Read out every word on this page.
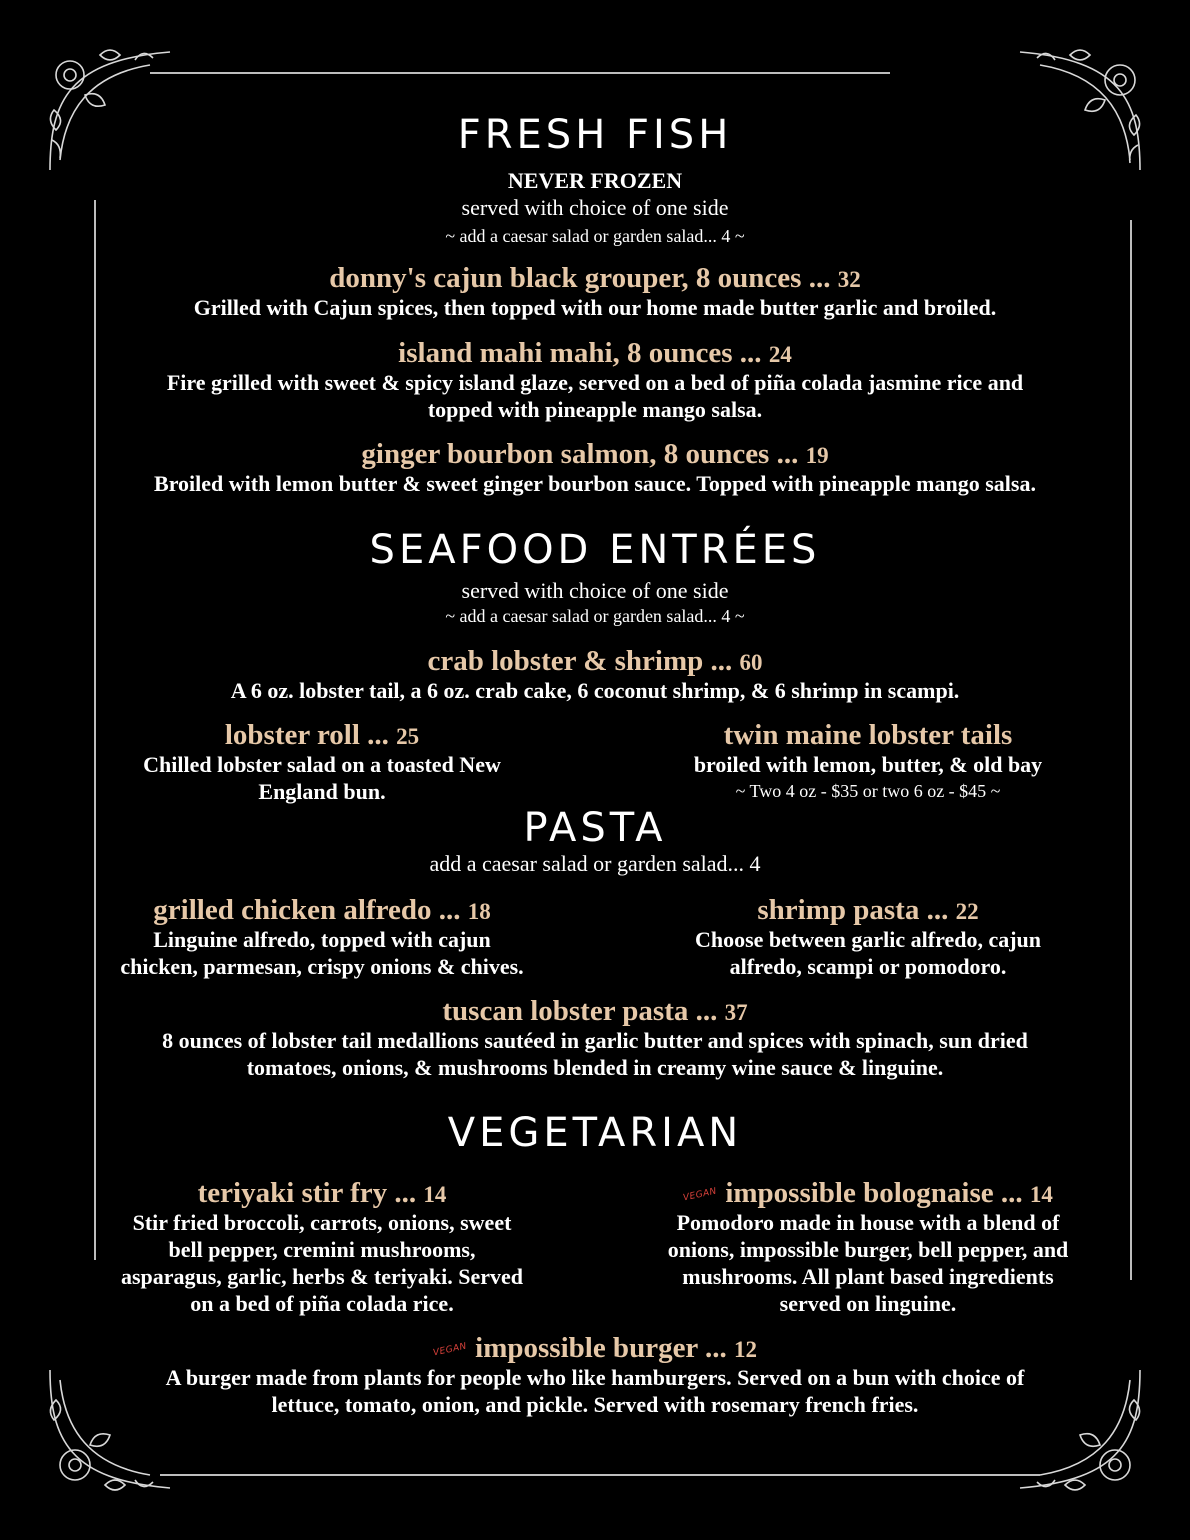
FRESH FISH

NEVER FROZEN

served with choice of one side

~ add a caesar salad or garden salad... 4 ~

donny's cajun black grouper, 8 ounces ... 32

Grilled with Cajun spices, then topped with our home made butter garlic and broiled.

island mahi mahi, 8 ounces ... 24

Fire grilled with sweet & spicy island glaze, served on a bed of piña colada jasmine rice and

topped with pineapple mango salsa.

ginger bourbon salmon, 8 ounces ... 19

Broiled with lemon butter & sweet ginger bourbon sauce. Topped with pineapple mango salsa.

SEAFOOD ENTRÉES

served with choice of one side

~ add a caesar salad or garden salad... 4 ~

crab lobster & shrimp ... 60

A 6 oz. lobster tail, a 6 oz. crab cake, 6 coconut shrimp, & 6 shrimp in scampi.

lobster roll ... 25

Chilled lobster salad on a toasted New

England bun.

twin maine lobster tails

broiled with lemon, butter, & old bay

~ Two 4 oz - $35 or two 6 oz - $45 ~

PASTA

add a caesar salad or garden salad... 4

grilled chicken alfredo ... 18

Linguine alfredo, topped with cajun

chicken, parmesan, crispy onions & chives.

shrimp pasta ... 22

Choose between garlic alfredo, cajun

alfredo, scampi or pomodoro.

tuscan lobster pasta ... 37

8 ounces of lobster tail medallions sautéed in garlic butter and spices with spinach, sun dried

tomatoes, onions, & mushrooms blended in creamy wine sauce & linguine.

VEGETARIAN

teriyaki stir fry ... 14

Stir fried broccoli, carrots, onions, sweet

bell pepper, cremini mushrooms,

asparagus, garlic, herbs & teriyaki. Served

on a bed of piña colada rice.

VEGAN impossible bolognaise ... 14

Pomodoro made in house with a blend of

onions, impossible burger, bell pepper, and

mushrooms. All plant based ingredients

served on linguine.

VEGAN impossible burger ... 12

A burger made from plants for people who like hamburgers. Served on a bun with choice of

lettuce, tomato, onion, and pickle. Served with rosemary french fries.
